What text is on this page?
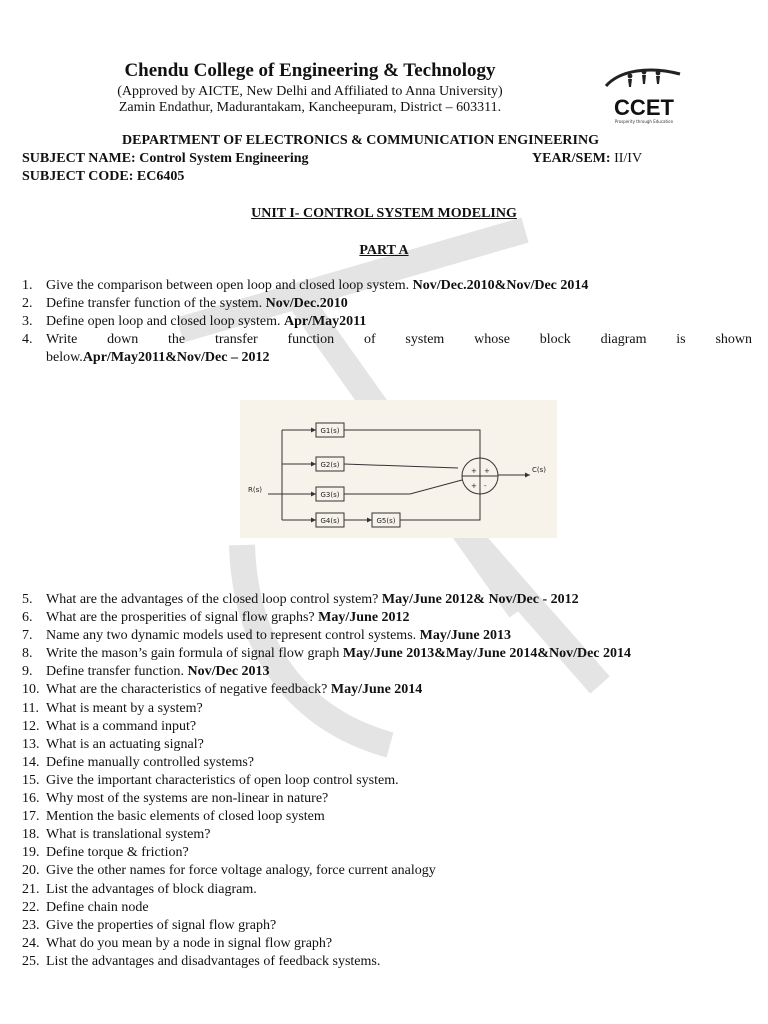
Chendu College of Engineering & Technology
(Approved by AICTE, New Delhi and Affiliated to Anna University)
Zamin Endathur, Madurantakam, Kancheepuram, District – 603311.	CCET
Prosperity through Education
DEPARTMENT OF ELECTRONICS & COMMUNICATION ENGINEERING
SUBJECT NAME: Control System Engineering	YEAR/SEM: II/IV
SUBJECT CODE: EC6405
UNIT I- CONTROL SYSTEM MODELING
PART A
1. Give the comparison between open loop and closed loop system. Nov/Dec.2010&Nov/Dec 2014
2. Define transfer function of the system. Nov/Dec.2010
3. Define open loop and closed loop system. Apr/May2011
4. Write down the transfer function of system whose block diagram is shown
below.Apr/May2011&Nov/Dec – 2012
G1(s)
G2(s)
G3(s)
G4(s)	G5(s)
R(s)
C(s)
+ +
+ -
5. What are the advantages of the closed loop control system? May/June 2012& Nov/Dec - 2012
6. What are the prosperities of signal flow graphs? May/June 2012
7. Name any two dynamic models used to represent control systems. May/June 2013
8. Write the mason’s gain formula of signal flow graph May/June 2013&May/June 2014&Nov/Dec 2014
9. Define transfer function. Nov/Dec 2013
10. What are the characteristics of negative feedback? May/June 2014
11. What is meant by a system?
12. What is a command input?
13. What is an actuating signal?
14. Define manually controlled systems?
15. Give the important characteristics of open loop control system.
16. Why most of the systems are non-linear in nature?
17. Mention the basic elements of closed loop system
18. What is translational system?
19. Define torque & friction?
20. Give the other names for force voltage analogy, force current analogy
21. List the advantages of block diagram.
22. Define chain node
23. Give the properties of signal flow graph?
24. What do you mean by a node in signal flow graph?
25. List the advantages and disadvantages of feedback systems.
